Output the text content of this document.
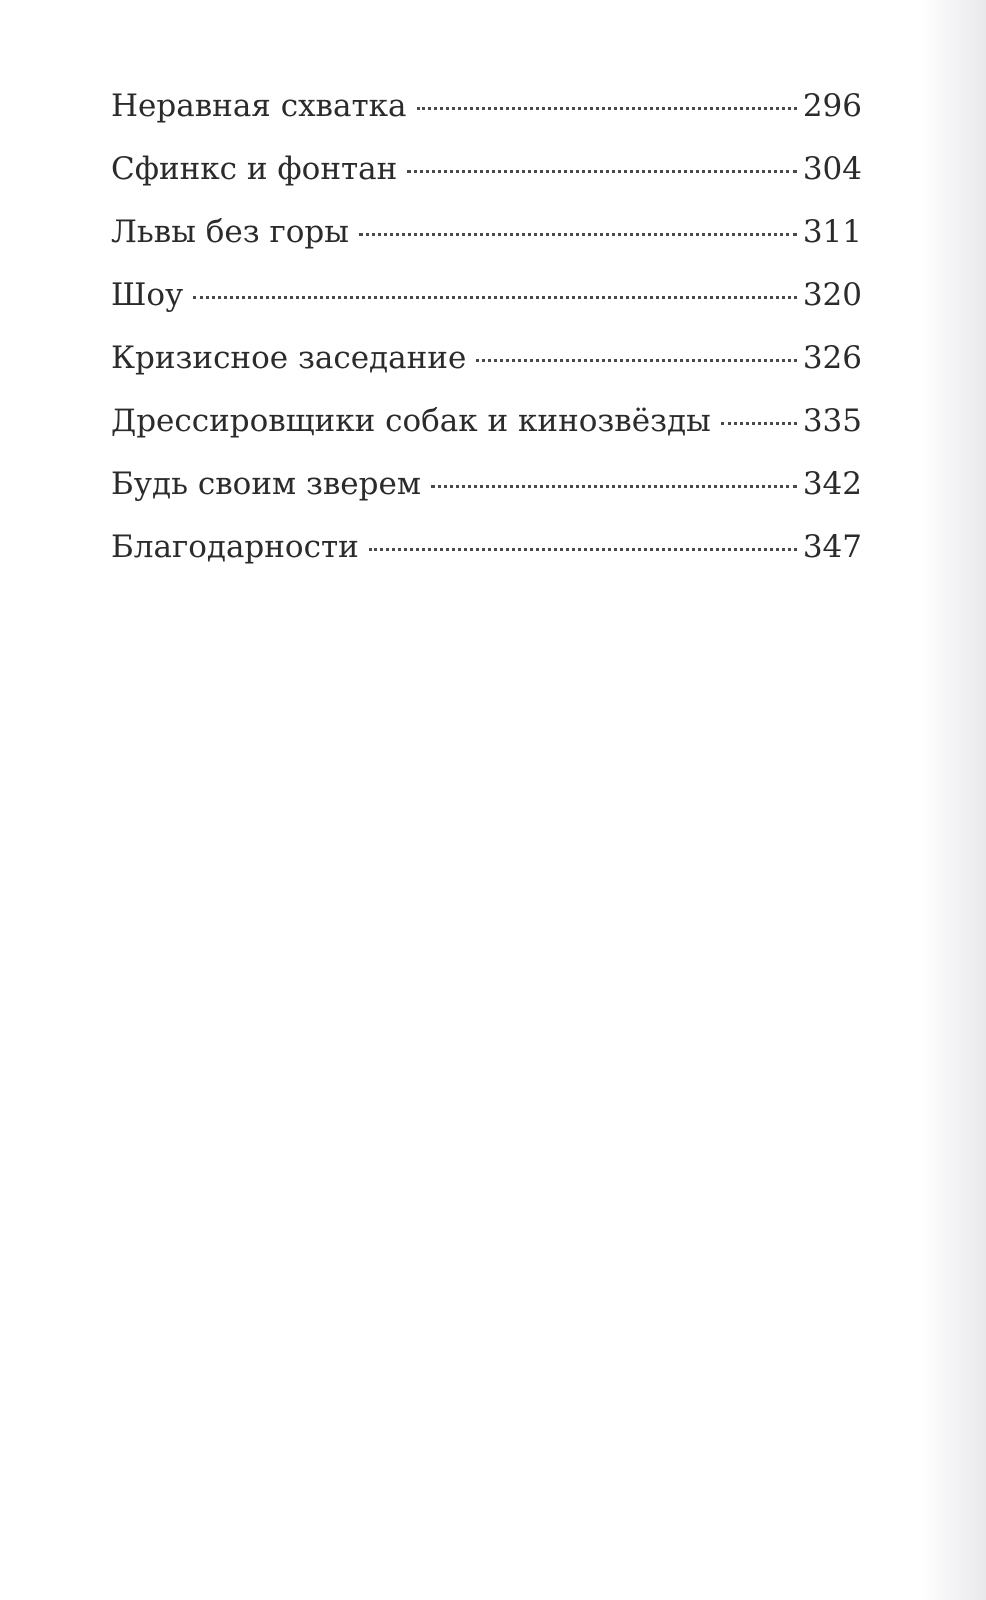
Неравная схватка	296
Сфинкс и фонтан	304
Львы без горы	311
Шоу	320
Кризисное заседание	326
Дрессировщики собак и кинозвёзды	335
Будь своим зверем	342
Благодарности	347
